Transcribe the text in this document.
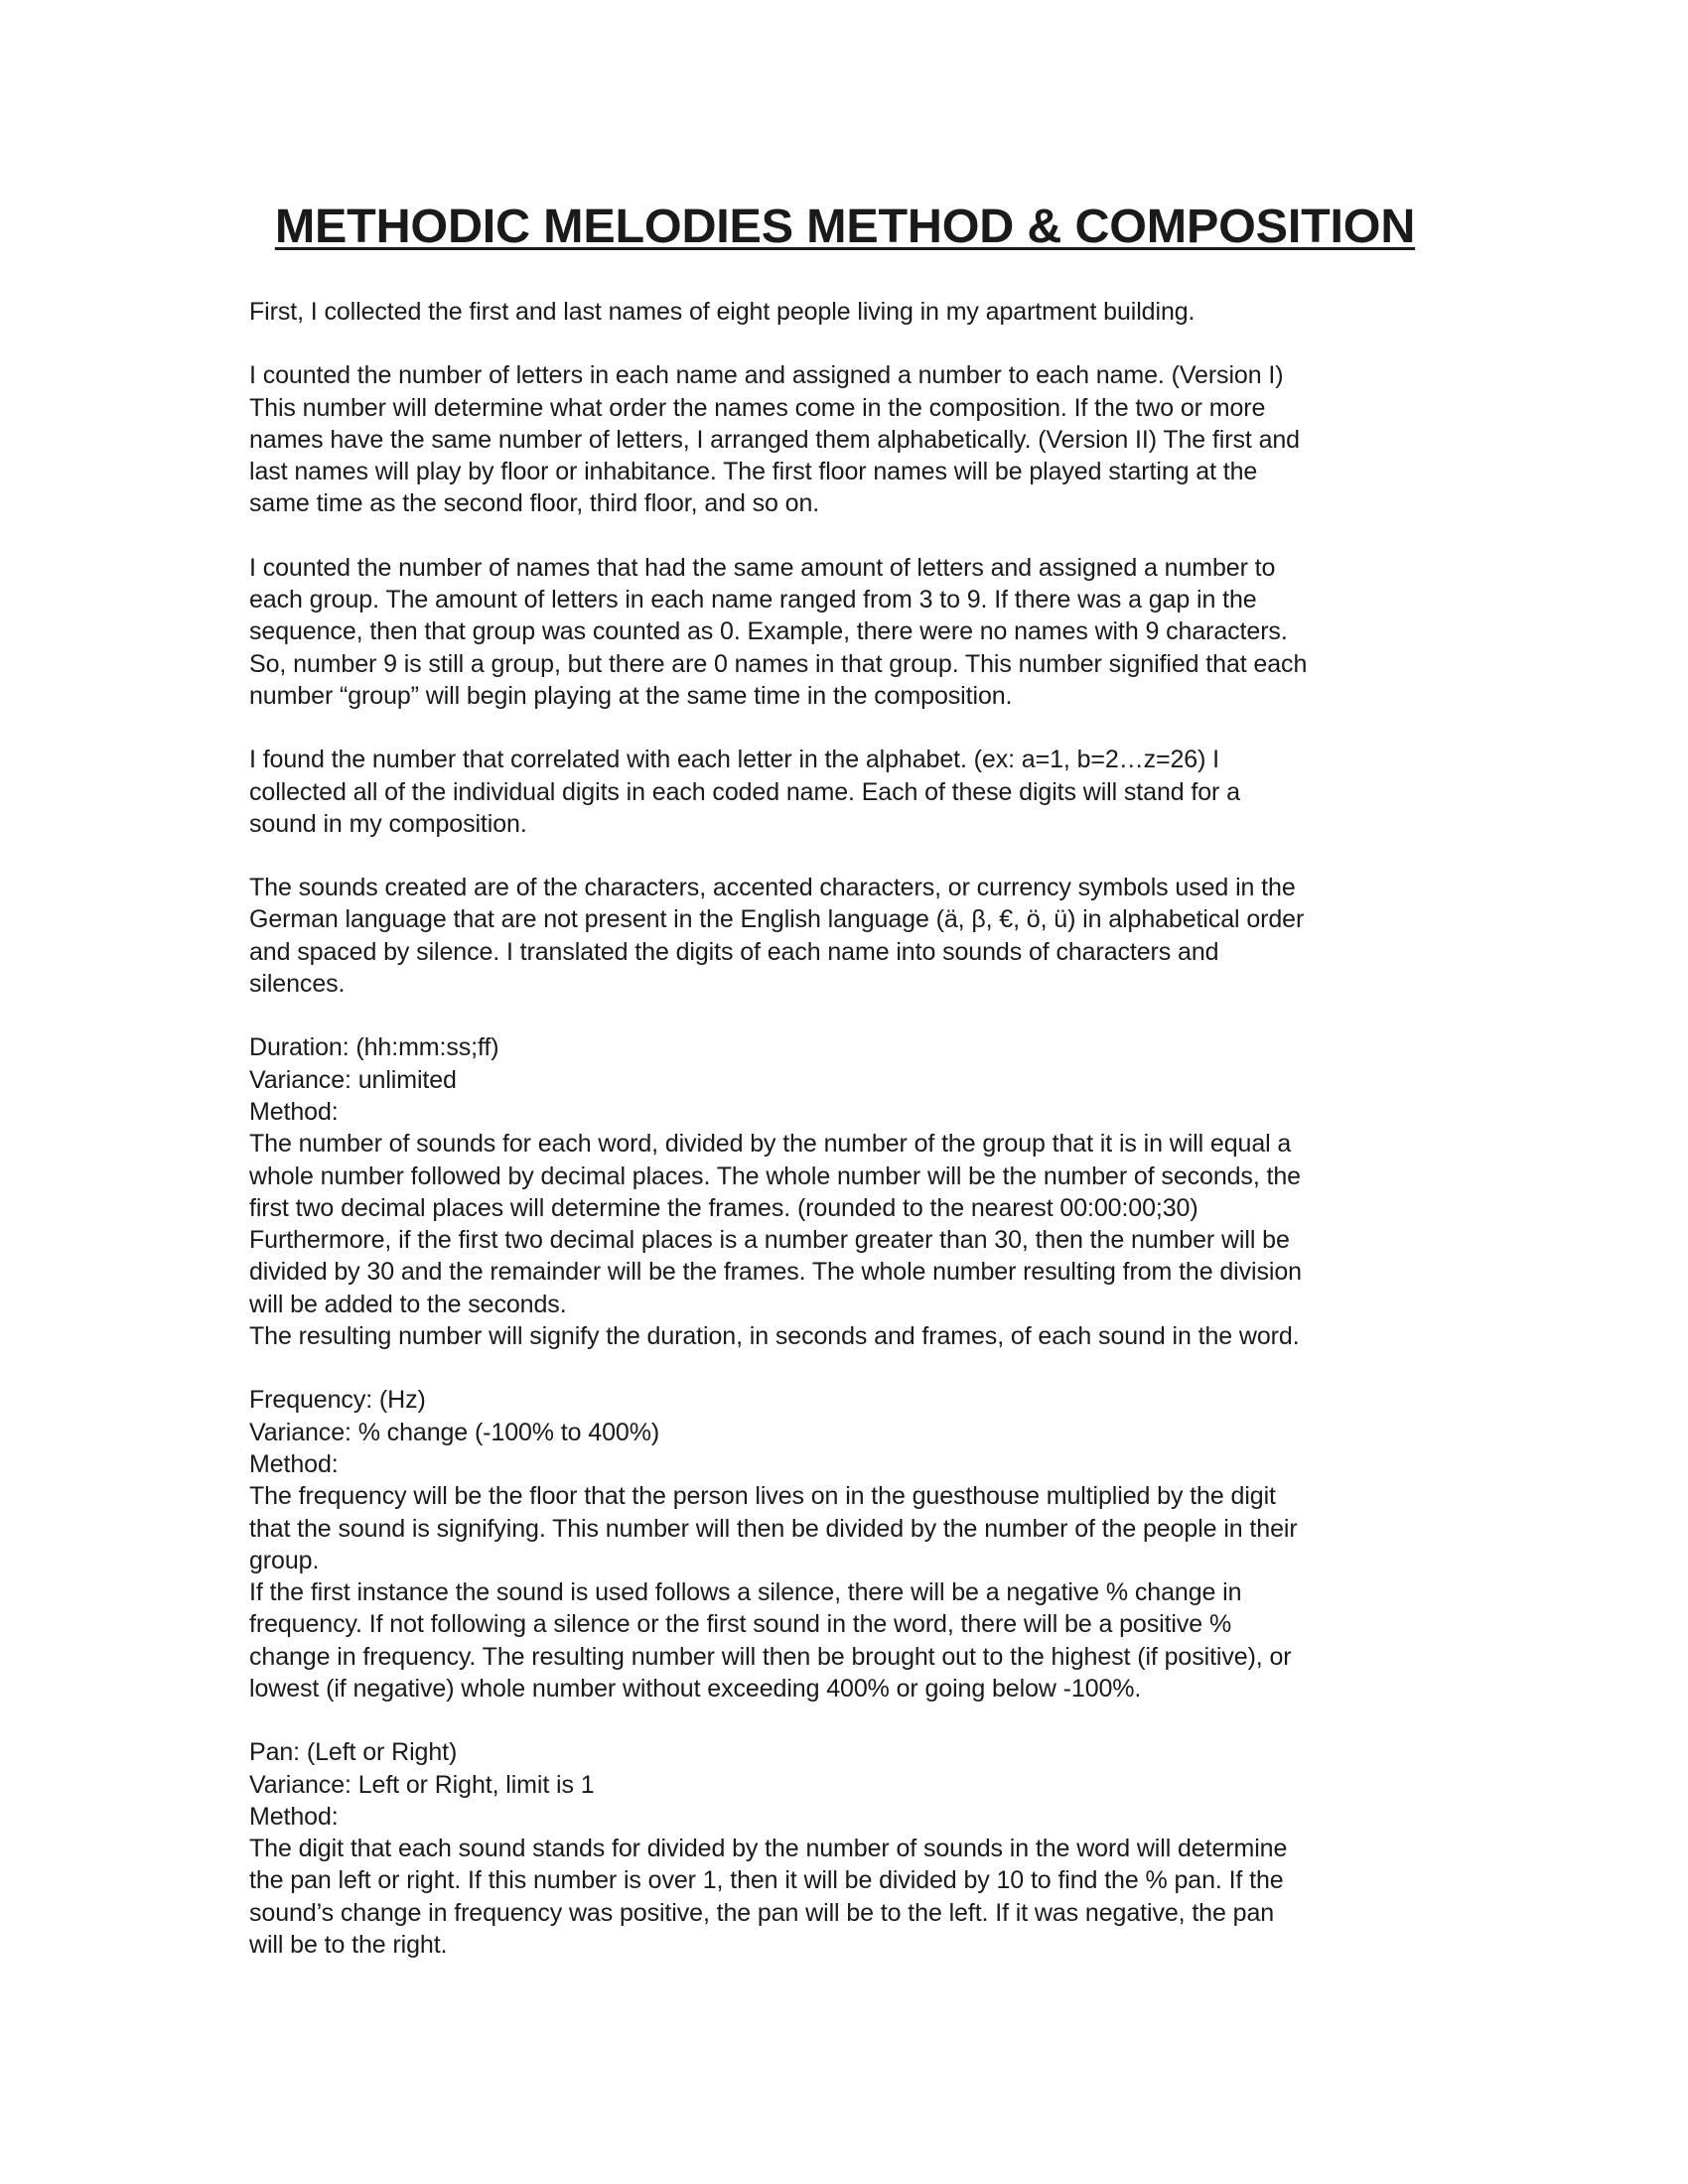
METHODIC MELODIES METHOD & COMPOSITION

First, I collected the first and last names of eight people living in my apartment building.

I counted the number of letters in each name and assigned a number to each name. (Version I)
This number will determine what order the names come in the composition. If the two or more
names have the same number of letters, I arranged them alphabetically. (Version II) The first and
last names will play by floor or inhabitance. The first floor names will be played starting at the
same time as the second floor, third floor, and so on.

I counted the number of names that had the same amount of letters and assigned a number to
each group. The amount of letters in each name ranged from 3 to 9. If there was a gap in the
sequence, then that group was counted as 0. Example, there were no names with 9 characters.
So, number 9 is still a group, but there are 0 names in that group. This number signified that each
number “group” will begin playing at the same time in the composition.

I found the number that correlated with each letter in the alphabet. (ex: a=1, b=2…z=26) I
collected all of the individual digits in each coded name. Each of these digits will stand for a
sound in my composition.

The sounds created are of the characters, accented characters, or currency symbols used in the
German language that are not present in the English language (ä, β, €, ö, ü) in alphabetical order
and spaced by silence. I translated the digits of each name into sounds of characters and
silences.

Duration: (hh:mm:ss;ff)
Variance: unlimited
Method:
The number of sounds for each word, divided by the number of the group that it is in will equal a
whole number followed by decimal places. The whole number will be the number of seconds, the
first two decimal places will determine the frames. (rounded to the nearest 00:00:00;30)
Furthermore, if the first two decimal places is a number greater than 30, then the number will be
divided by 30 and the remainder will be the frames. The whole number resulting from the division
will be added to the seconds.
The resulting number will signify the duration, in seconds and frames, of each sound in the word.

Frequency: (Hz)
Variance: % change (-100% to 400%)
Method:
The frequency will be the floor that the person lives on in the guesthouse multiplied by the digit
that the sound is signifying. This number will then be divided by the number of the people in their
group.
If the first instance the sound is used follows a silence, there will be a negative % change in
frequency. If not following a silence or the first sound in the word, there will be a positive %
change in frequency. The resulting number will then be brought out to the highest (if positive), or
lowest (if negative) whole number without exceeding 400% or going below -100%.

Pan: (Left or Right)
Variance: Left or Right, limit is 1
Method:
The digit that each sound stands for divided by the number of sounds in the word will determine
the pan left or right. If this number is over 1, then it will be divided by 10 to find the % pan. If the
sound’s change in frequency was positive, the pan will be to the left. If it was negative, the pan
will be to the right.
